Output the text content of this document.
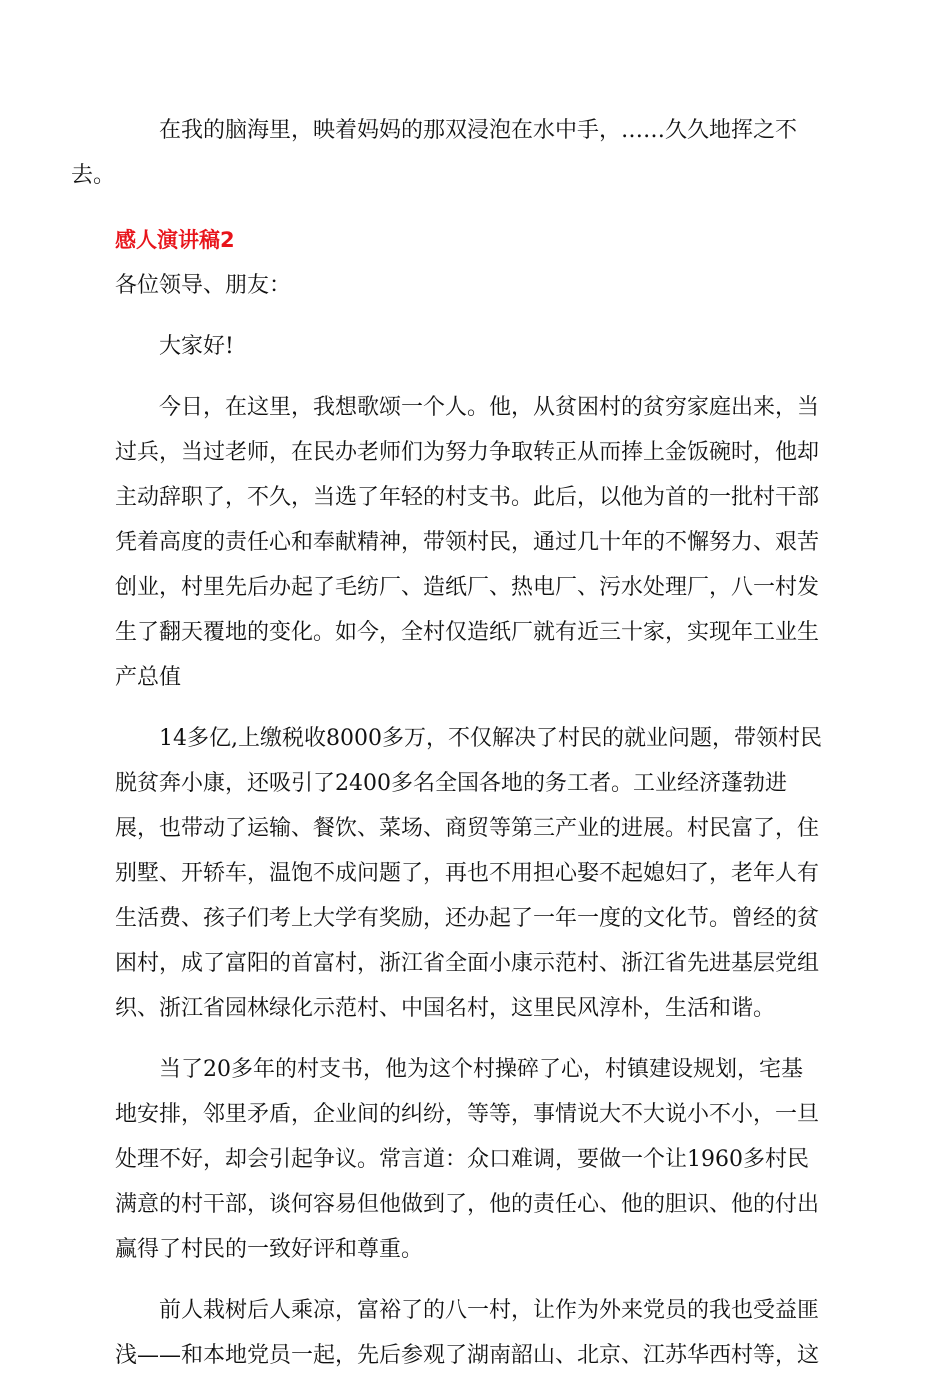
在我的脑海里，映着妈妈的那双浸泡在水中手，……久久地挥之不
去。

感人演讲稿2

各位领导、朋友：

大家好!

今日，在这里，我想歌颂一个人。他，从贫困村的贫穷家庭出来，当
过兵，当过老师，在民办老师们为努力争取转正从而捧上金饭碗时，他却
主动辞职了，不久，当选了年轻的村支书。此后，以他为首的一批村干部
凭着高度的责任心和奉献精神，带领村民，通过几十年的不懈努力、艰苦
创业，村里先后办起了毛纺厂、造纸厂、热电厂、污水处理厂，八一村发
生了翻天覆地的变化。如今，全村仅造纸厂就有近三十家，实现年工业生
产总值

14多亿,上缴税收8000多万，不仅解决了村民的就业问题，带领村民
脱贫奔小康，还吸引了2400多名全国各地的务工者。工业经济蓬勃进
展，也带动了运输、餐饮、菜场、商贸等第三产业的进展。村民富了，住
别墅、开轿车，温饱不成问题了，再也不用担心娶不起媳妇了，老年人有
生活费、孩子们考上大学有奖励，还办起了一年一度的文化节。曾经的贫
困村，成了富阳的首富村，浙江省全面小康示范村、浙江省先进基层党组
织、浙江省园林绿化示范村、中国名村，这里民风淳朴，生活和谐。

当了20多年的村支书，他为这个村操碎了心，村镇建设规划，宅基
地安排，邻里矛盾，企业间的纠纷，等等，事情说大不大说小不小，一旦
处理不好，却会引起争议。常言道：众口难调，要做一个让1960多村民
满意的村干部，谈何容易但他做到了，他的责任心、他的胆识、他的付出
赢得了村民的一致好评和尊重。

前人栽树后人乘凉，富裕了的八一村，让作为外来党员的我也受益匪
浅——和本地党员一起，先后参观了湖南韶山、北京、江苏华西村等，这
